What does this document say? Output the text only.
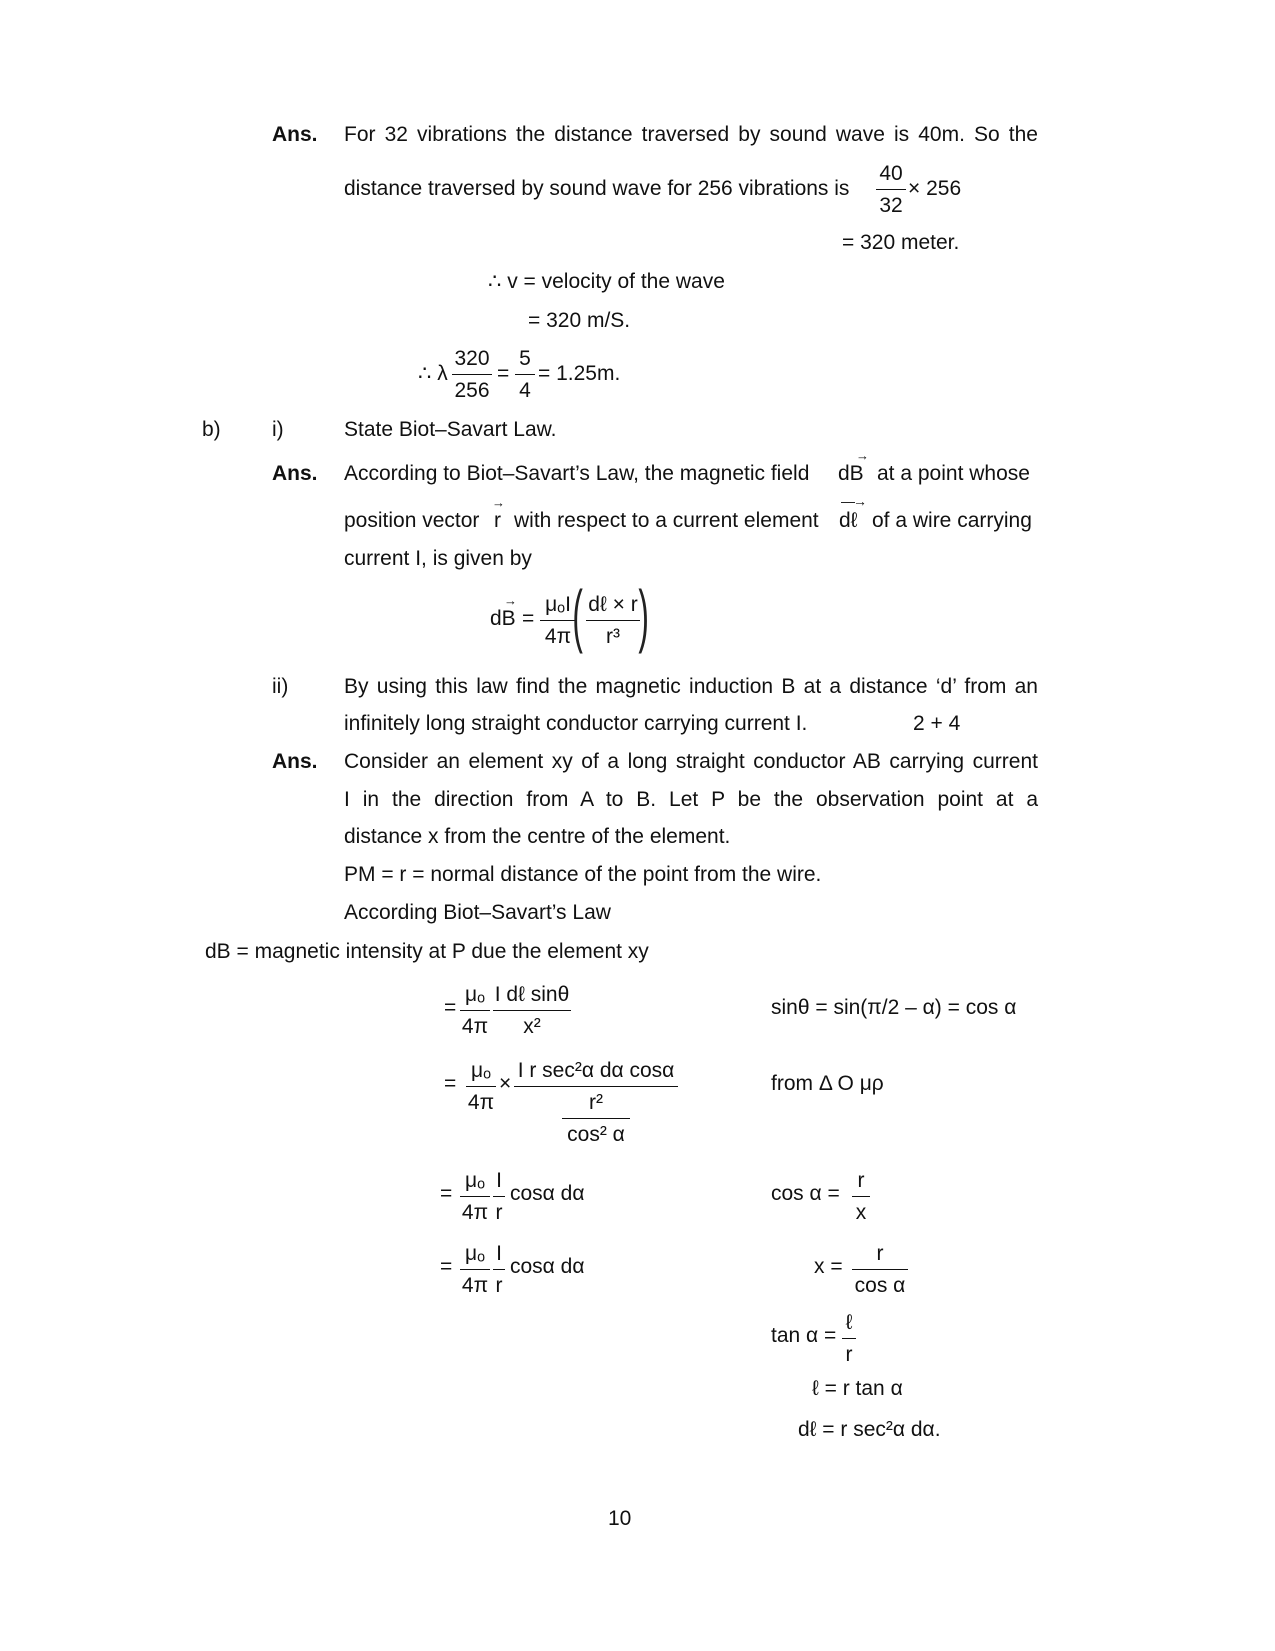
Ans. For 32 vibrations the distance traversed by sound wave is 40m. So the
distance traversed by sound wave for 256 vibrations is
40
32
× 256
= 320 meter.
∴ v = velocity of the wave
= 320 m/S.
∴ λ
320
256
=
5
4
= 1.25m.
b) i)	State Biot–Savart Law.
Ans. According to Biot–Savart’s Law, the magnetic field dB
→
at a point whose
position vector r
→
with respect to a current element dℓ
—→
of a wire carrying
current I, is given by
dB
→
=
μₒI
4π ( dℓ × r
r³ )
ii)	By using this law find the magnetic induction B at a distance ‘d’ from an
infinitely long straight conductor carrying current I.	2 + 4
Ans. Consider an element xy of a long straight conductor AB carrying current
I in the direction from A to B. Let P be the observation point at a
distance x from the centre of the element.
PM = r = normal distance of the point from the wire.
According Biot–Savart’s Law
dB = magnetic intensity at P due the element xy
=
μₒ
4π
I dℓ sinθ
x²
sinθ = sin(π/2 – α) = cos α
=
μₒ
4π
×
I r sec²α dα cosα
$\frac{\text{r²}}{\text{cos² α}}$
from Δ O μρ
=
μₒ
4π
I
r
cosα dα	cos α =
r
x
=
μₒ
4π
I
r
cosα dα	x =
r
cos α
tan α =
ℓ
r
ℓ = r tan α
dℓ = r sec²α dα.
10
